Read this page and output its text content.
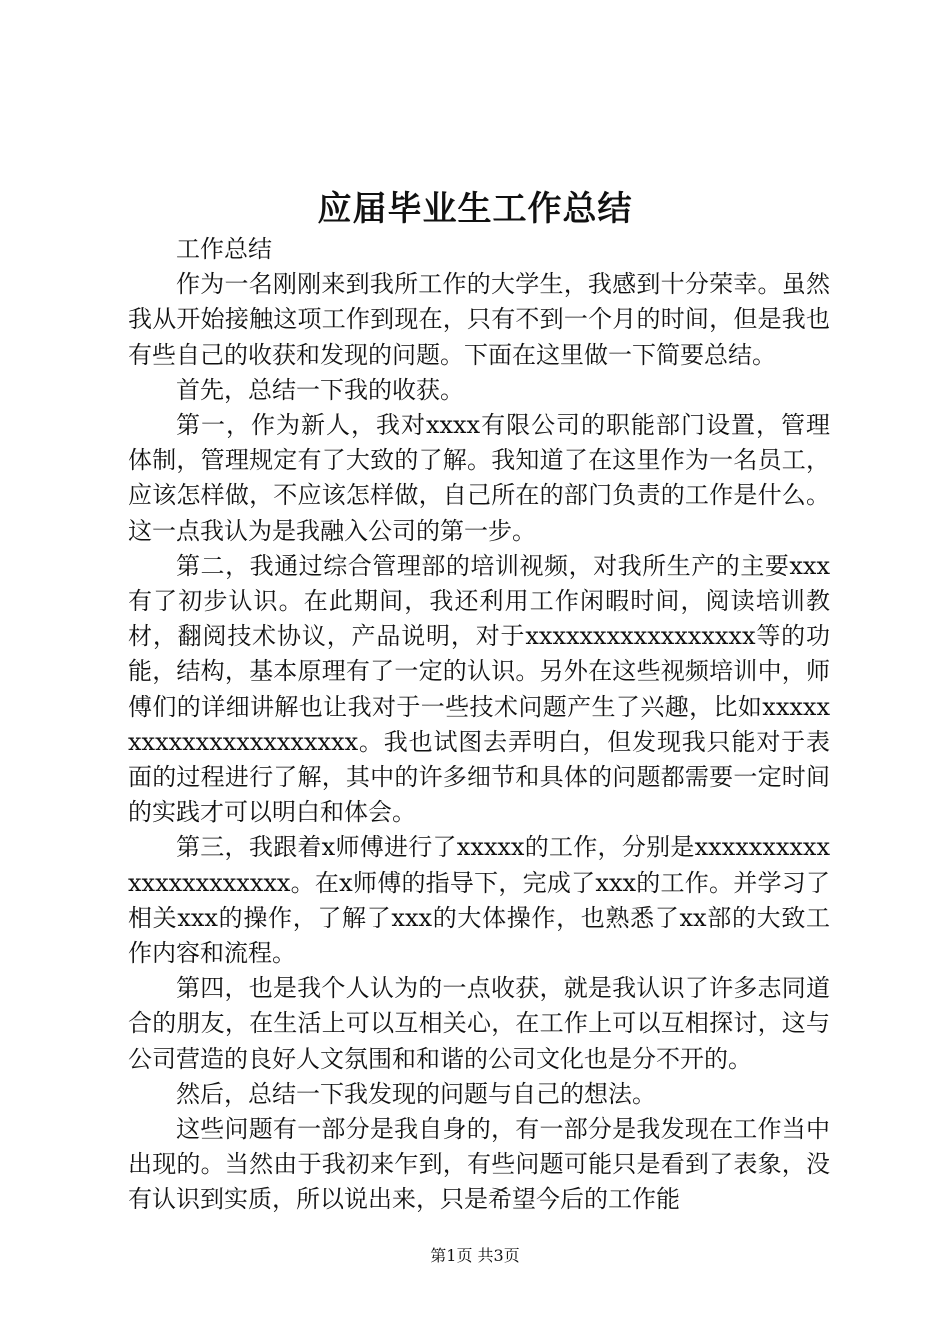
应届毕业生工作总结

工作总结

作为一名刚刚来到我所工作的大学生，我感到十分荣幸。虽然我从开始接触这项工作到现在，只有不到一个月的时间，但是我也有些自己的收获和发现的问题。下面在这里做一下简要总结。

首先，总结一下我的收获。

第一，作为新人，我对xxxx有限公司的职能部门设置，管理体制，管理规定有了大致的了解。我知道了在这里作为一名员工，应该怎样做，不应该怎样做，自己所在的部门负责的工作是什么。这一点我认为是我融入公司的第一步。

第二，我通过综合管理部的培训视频，对我所生产的主要xxx有了初步认识。在此期间，我还利用工作闲暇时间，阅读培训教材，翻阅技术协议，产品说明，对于xxxxxxxxxxxxxxxxx等的功能，结构，基本原理有了一定的认识。另外在这些视频培训中，师傅们的详细讲解也让我对于一些技术问题产生了兴趣，比如xxxxxxxxxxxxxxxxxxxxxx。我也试图去弄明白，但发现我只能对于表面的过程进行了解，其中的许多细节和具体的问题都需要一定时间的实践才可以明白和体会。

第三，我跟着x师傅进行了xxxxx的工作，分别是xxxxxxxxxxxxxxxxxxxxxx。在x师傅的指导下，完成了xxx的工作。并学习了相关xxx的操作，了解了xxx的大体操作，也熟悉了xx部的大致工作内容和流程。

第四，也是我个人认为的一点收获，就是我认识了许多志同道合的朋友，在生活上可以互相关心，在工作上可以互相探讨，这与公司营造的良好人文氛围和和谐的公司文化也是分不开的。

然后，总结一下我发现的问题与自己的想法。

这些问题有一部分是我自身的，有一部分是我发现在工作当中出现的。当然由于我初来乍到，有些问题可能只是看到了表象，没有认识到实质，所以说出来，只是希望今后的工作能

第1页 共3页
